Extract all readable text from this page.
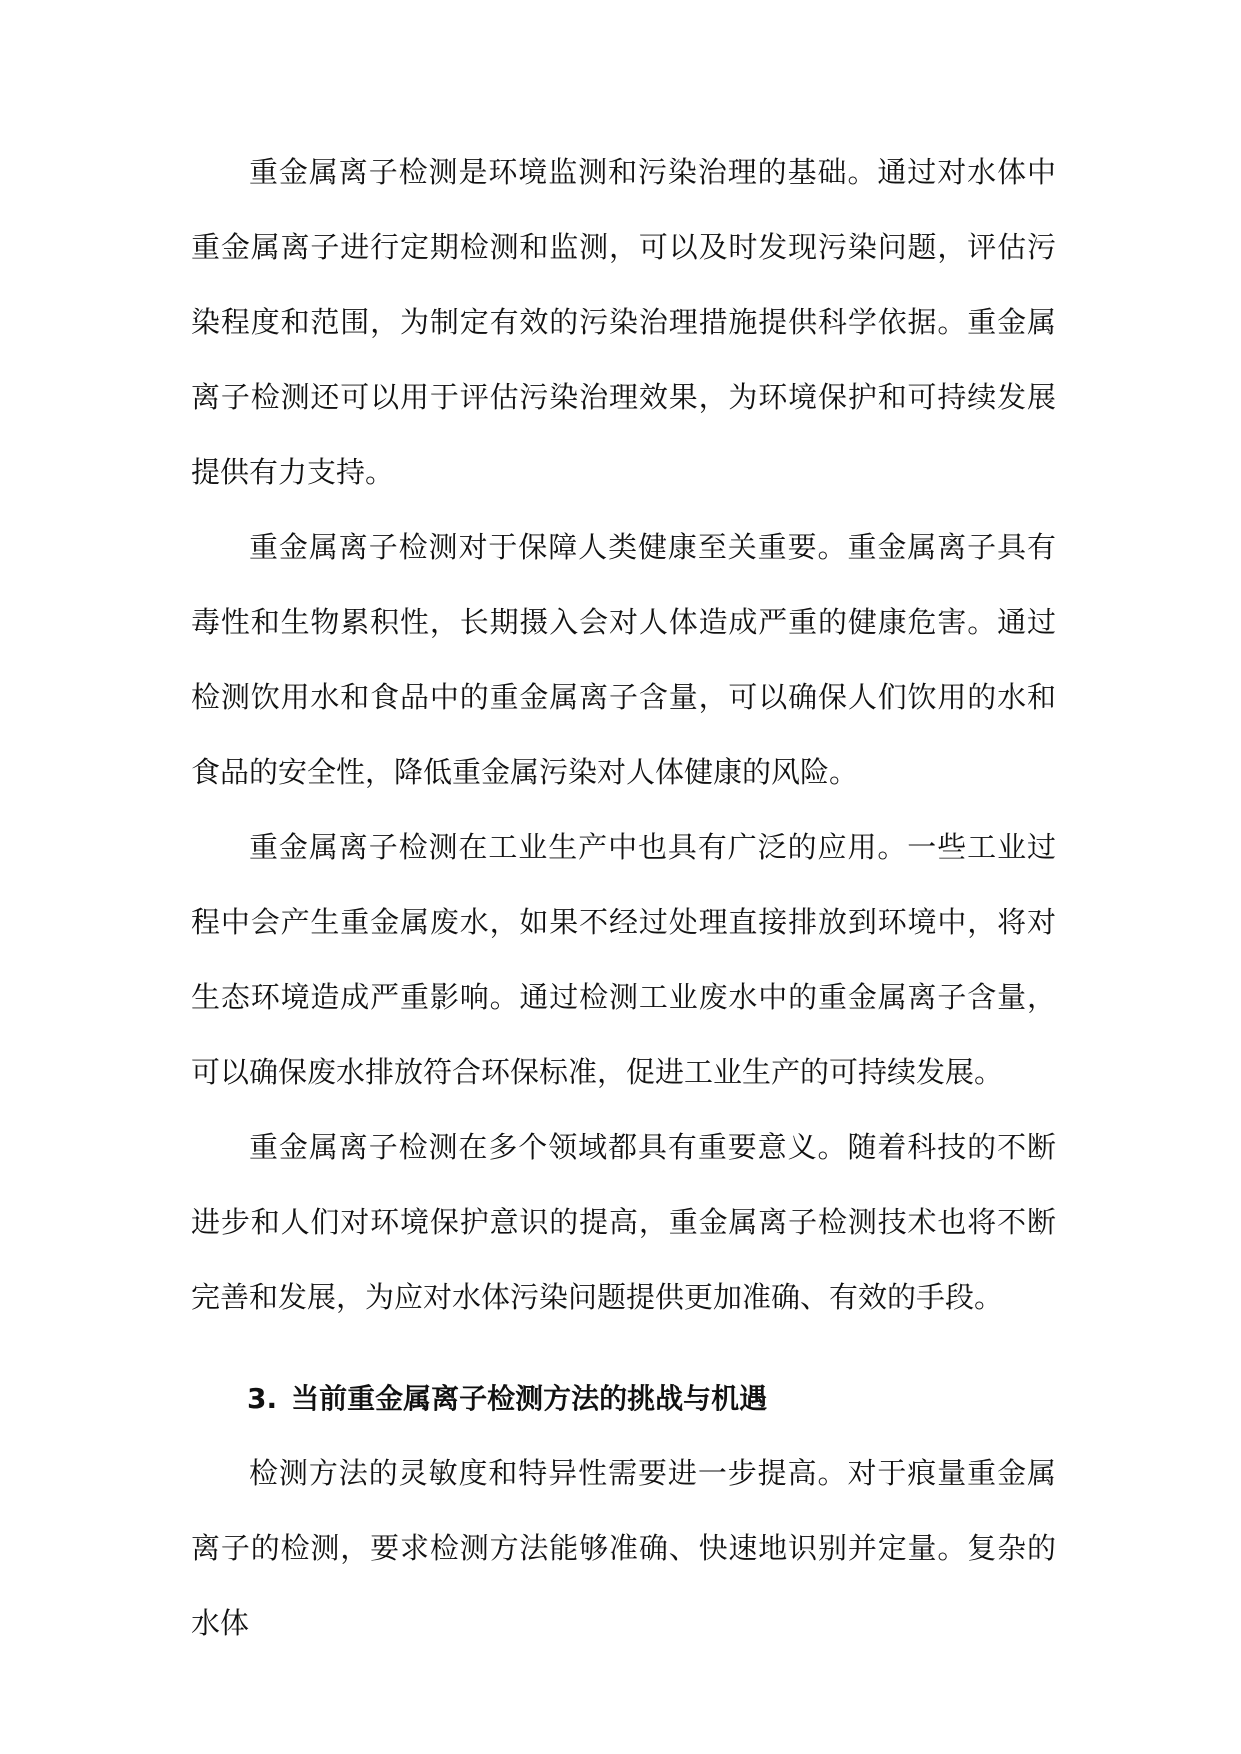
重金属离子检测是环境监测和污染治理的基础。通过对水体中重金属离子进行定期检测和监测，可以及时发现污染问题，评估污染程度和范围，为制定有效的污染治理措施提供科学依据。重金属离子检测还可以用于评估污染治理效果，为环境保护和可持续发展提供有力支持。

重金属离子检测对于保障人类健康至关重要。重金属离子具有毒性和生物累积性，长期摄入会对人体造成严重的健康危害。通过检测饮用水和食品中的重金属离子含量，可以确保人们饮用的水和食品的安全性，降低重金属污染对人体健康的风险。

重金属离子检测在工业生产中也具有广泛的应用。一些工业过程中会产生重金属废水，如果不经过处理直接排放到环境中，将对生态环境造成严重影响。通过检测工业废水中的重金属离子含量，可以确保废水排放符合环保标准，促进工业生产的可持续发展。

重金属离子检测在多个领域都具有重要意义。随着科技的不断进步和人们对环境保护意识的提高，重金属离子检测技术也将不断完善和发展，为应对水体污染问题提供更加准确、有效的手段。

3. 当前重金属离子检测方法的挑战与机遇

检测方法的灵敏度和特异性需要进一步提高。对于痕量重金属离子的检测，要求检测方法能够准确、快速地识别并定量。复杂的水体
